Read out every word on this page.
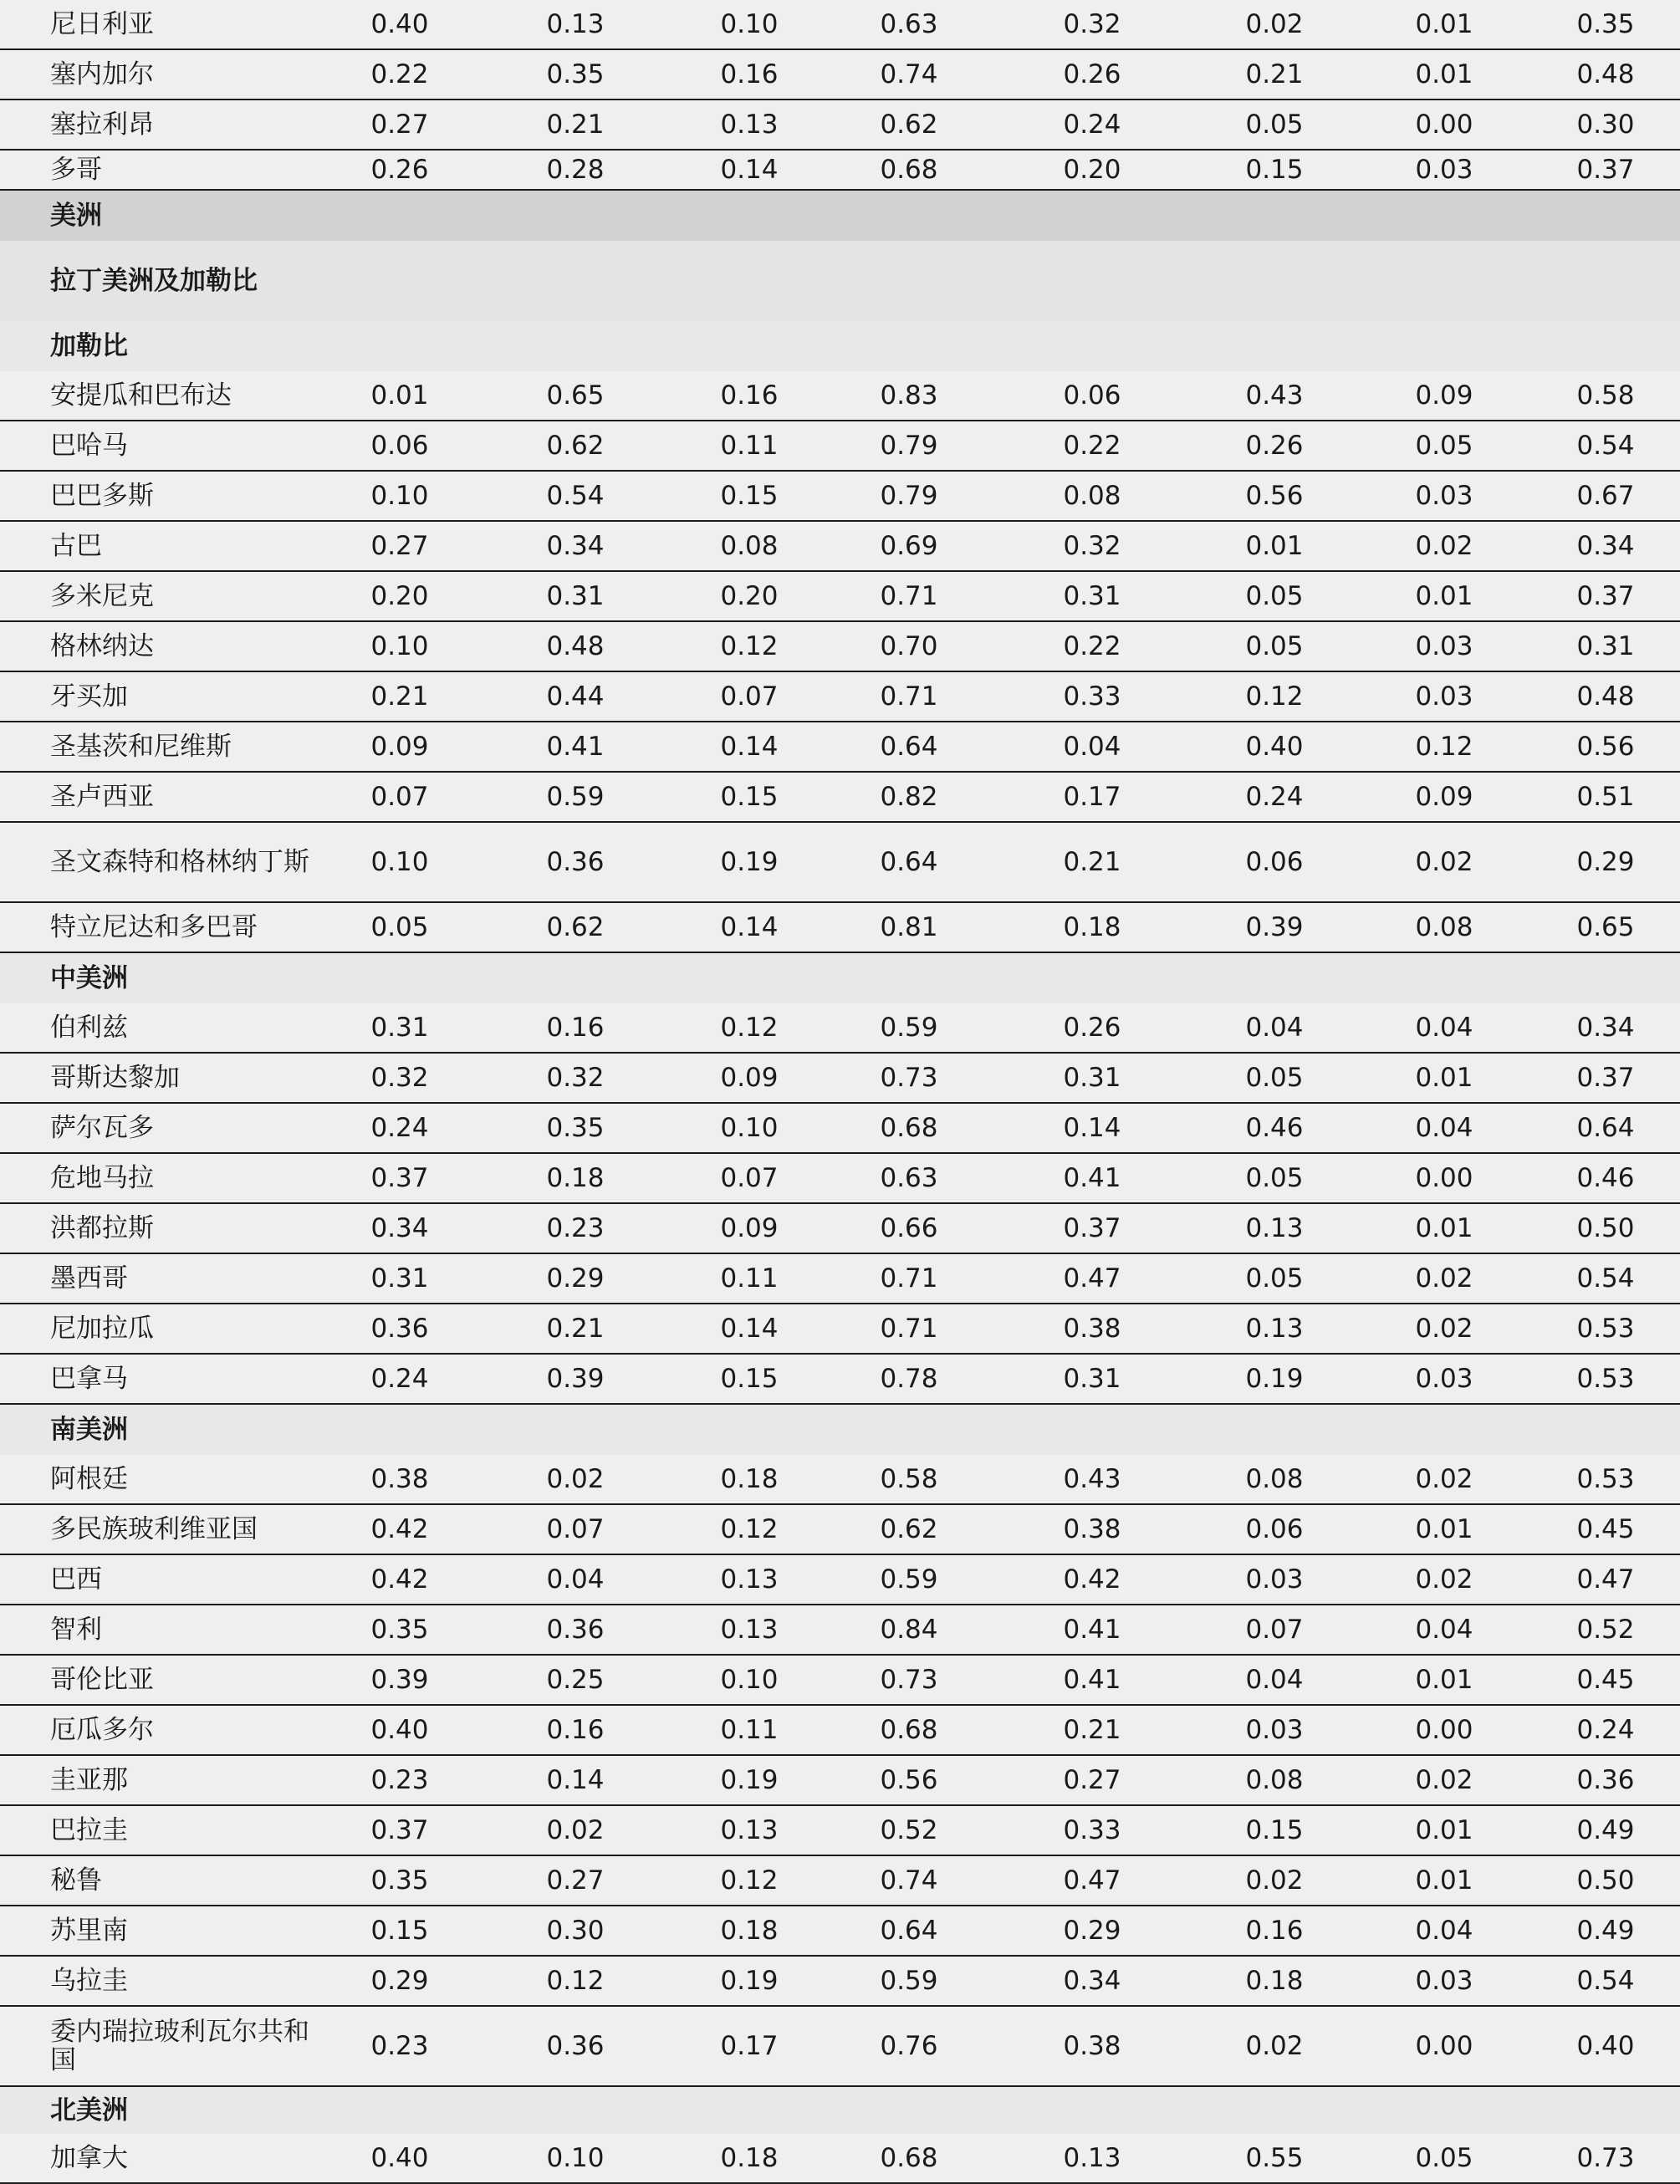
尼日利亚	0.40	0.13	0.10	0.63	0.32	0.02	0.01	0.35
塞内加尔	0.22	0.35	0.16	0.74	0.26	0.21	0.01	0.48
塞拉利昂	0.27	0.21	0.13	0.62	0.24	0.05	0.00	0.30
多哥	0.26	0.28	0.14	0.68	0.20	0.15	0.03	0.37
美洲
拉丁美洲及加勒比
加勒比
安提瓜和巴布达	0.01	0.65	0.16	0.83	0.06	0.43	0.09	0.58
巴哈马	0.06	0.62	0.11	0.79	0.22	0.26	0.05	0.54
巴巴多斯	0.10	0.54	0.15	0.79	0.08	0.56	0.03	0.67
古巴	0.27	0.34	0.08	0.69	0.32	0.01	0.02	0.34
多米尼克	0.20	0.31	0.20	0.71	0.31	0.05	0.01	0.37
格林纳达	0.10	0.48	0.12	0.70	0.22	0.05	0.03	0.31
牙买加	0.21	0.44	0.07	0.71	0.33	0.12	0.03	0.48
圣基茨和尼维斯	0.09	0.41	0.14	0.64	0.04	0.40	0.12	0.56
圣卢西亚	0.07	0.59	0.15	0.82	0.17	0.24	0.09	0.51
圣文森特和格林纳丁斯	0.10	0.36	0.19	0.64	0.21	0.06	0.02	0.29
特立尼达和多巴哥	0.05	0.62	0.14	0.81	0.18	0.39	0.08	0.65
中美洲
伯利兹	0.31	0.16	0.12	0.59	0.26	0.04	0.04	0.34
哥斯达黎加	0.32	0.32	0.09	0.73	0.31	0.05	0.01	0.37
萨尔瓦多	0.24	0.35	0.10	0.68	0.14	0.46	0.04	0.64
危地马拉	0.37	0.18	0.07	0.63	0.41	0.05	0.00	0.46
洪都拉斯	0.34	0.23	0.09	0.66	0.37	0.13	0.01	0.50
墨西哥	0.31	0.29	0.11	0.71	0.47	0.05	0.02	0.54
尼加拉瓜	0.36	0.21	0.14	0.71	0.38	0.13	0.02	0.53
巴拿马	0.24	0.39	0.15	0.78	0.31	0.19	0.03	0.53
南美洲
阿根廷	0.38	0.02	0.18	0.58	0.43	0.08	0.02	0.53
多民族玻利维亚国	0.42	0.07	0.12	0.62	0.38	0.06	0.01	0.45
巴西	0.42	0.04	0.13	0.59	0.42	0.03	0.02	0.47
智利	0.35	0.36	0.13	0.84	0.41	0.07	0.04	0.52
哥伦比亚	0.39	0.25	0.10	0.73	0.41	0.04	0.01	0.45
厄瓜多尔	0.40	0.16	0.11	0.68	0.21	0.03	0.00	0.24
圭亚那	0.23	0.14	0.19	0.56	0.27	0.08	0.02	0.36
巴拉圭	0.37	0.02	0.13	0.52	0.33	0.15	0.01	0.49
秘鲁	0.35	0.27	0.12	0.74	0.47	0.02	0.01	0.50
苏里南	0.15	0.30	0.18	0.64	0.29	0.16	0.04	0.49
乌拉圭	0.29	0.12	0.19	0.59	0.34	0.18	0.03	0.54
委内瑞拉玻利瓦尔共和国	0.23	0.36	0.17	0.76	0.38	0.02	0.00	0.40
北美洲
加拿大	0.40	0.10	0.18	0.68	0.13	0.55	0.05	0.73
